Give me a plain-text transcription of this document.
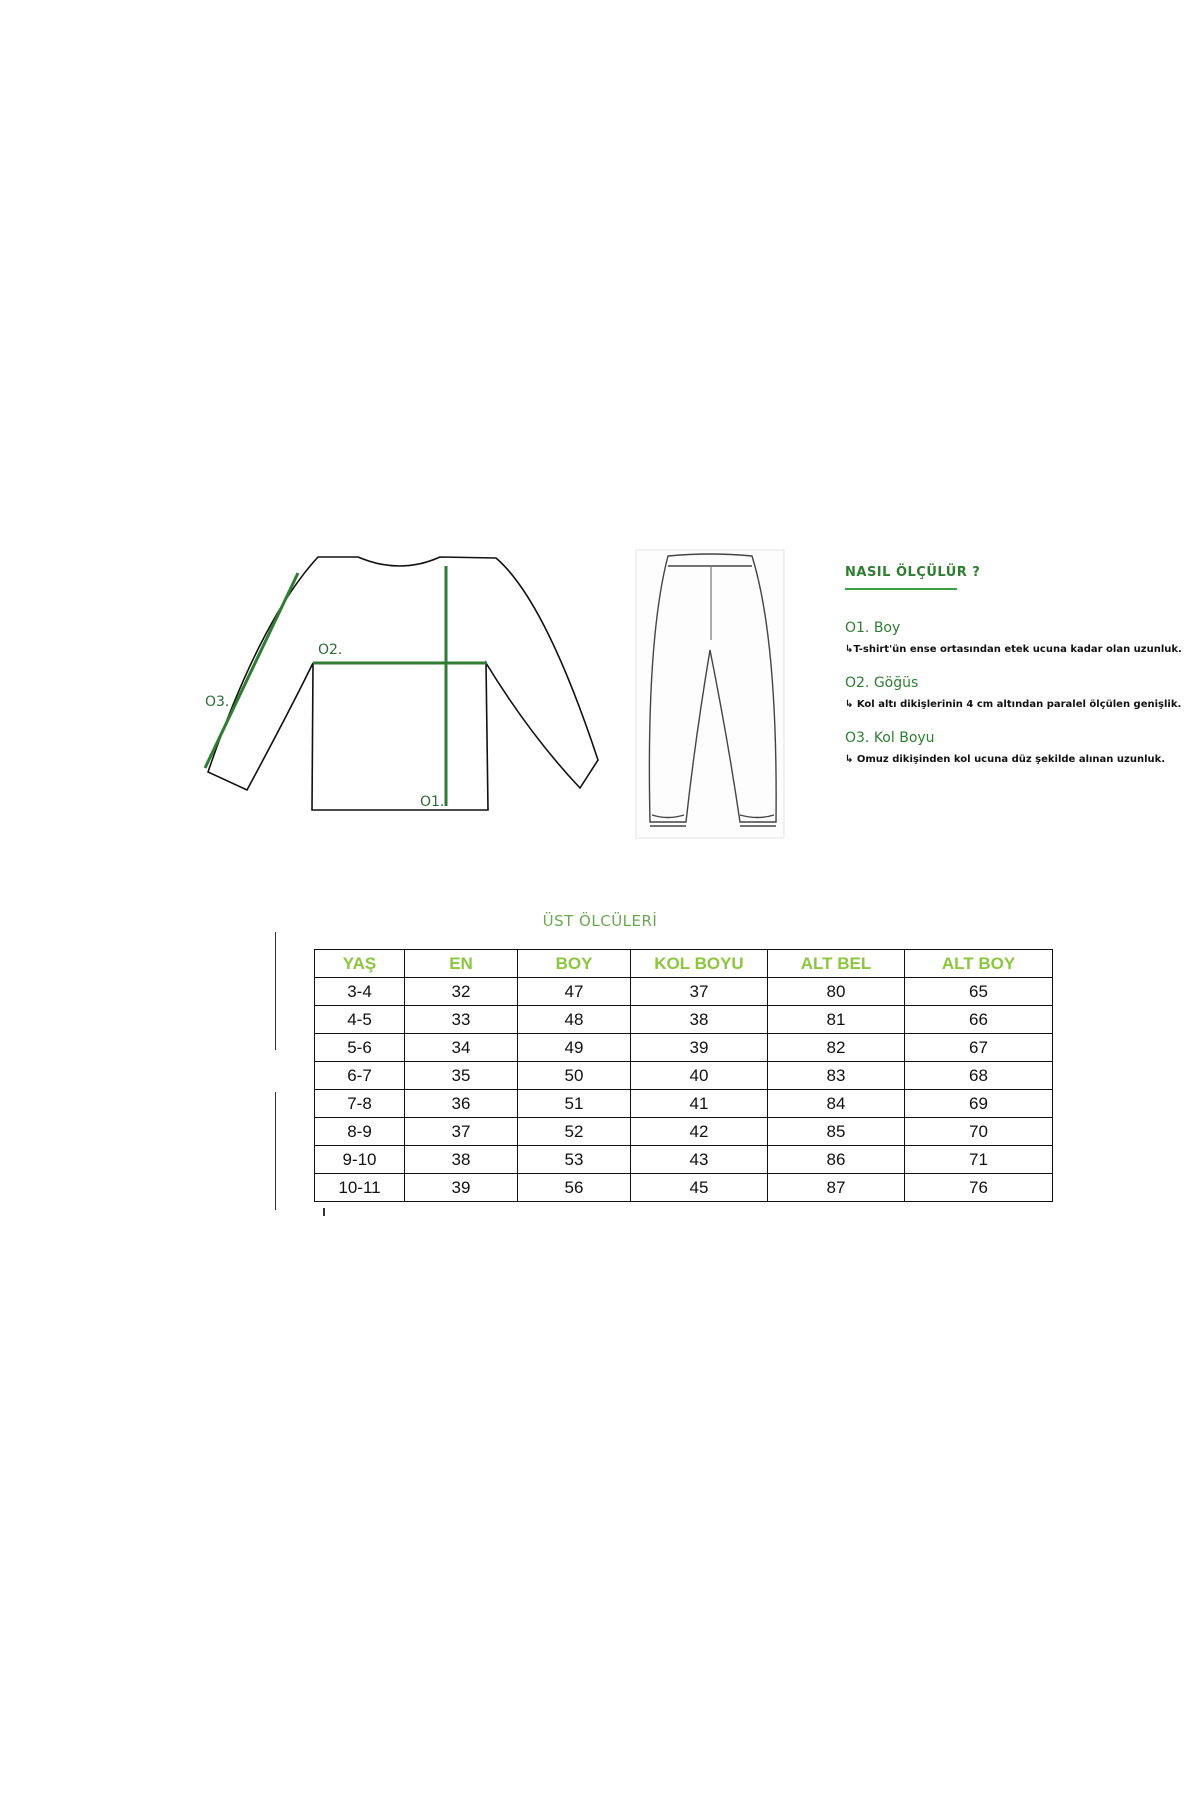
O1.
O2.
O3.
NASIL ÖLÇÜLÜR ?
O1. Boy
↳T-shirt'ün ense ortasından etek ucuna kadar olan uzunluk.
O2. Göğüs
↳ Kol altı dikişlerinin 4 cm altından paralel ölçülen genişlik.
O3. Kol Boyu
↳ Omuz dikişinden kol ucuna düz şekilde alınan uzunluk.
ÜST ÖLCÜLERİ
YAŞ	EN	BOY	KOL BOYU	ALT BEL	ALT BOY
3-4	32	47	37	80	65
4-5	33	48	38	81	66
5-6	34	49	39	82	67
6-7	35	50	40	83	68
7-8	36	51	41	84	69
8-9	37	52	42	85	70
9-10	38	53	43	86	71
10-11	39	56	45	87	76
